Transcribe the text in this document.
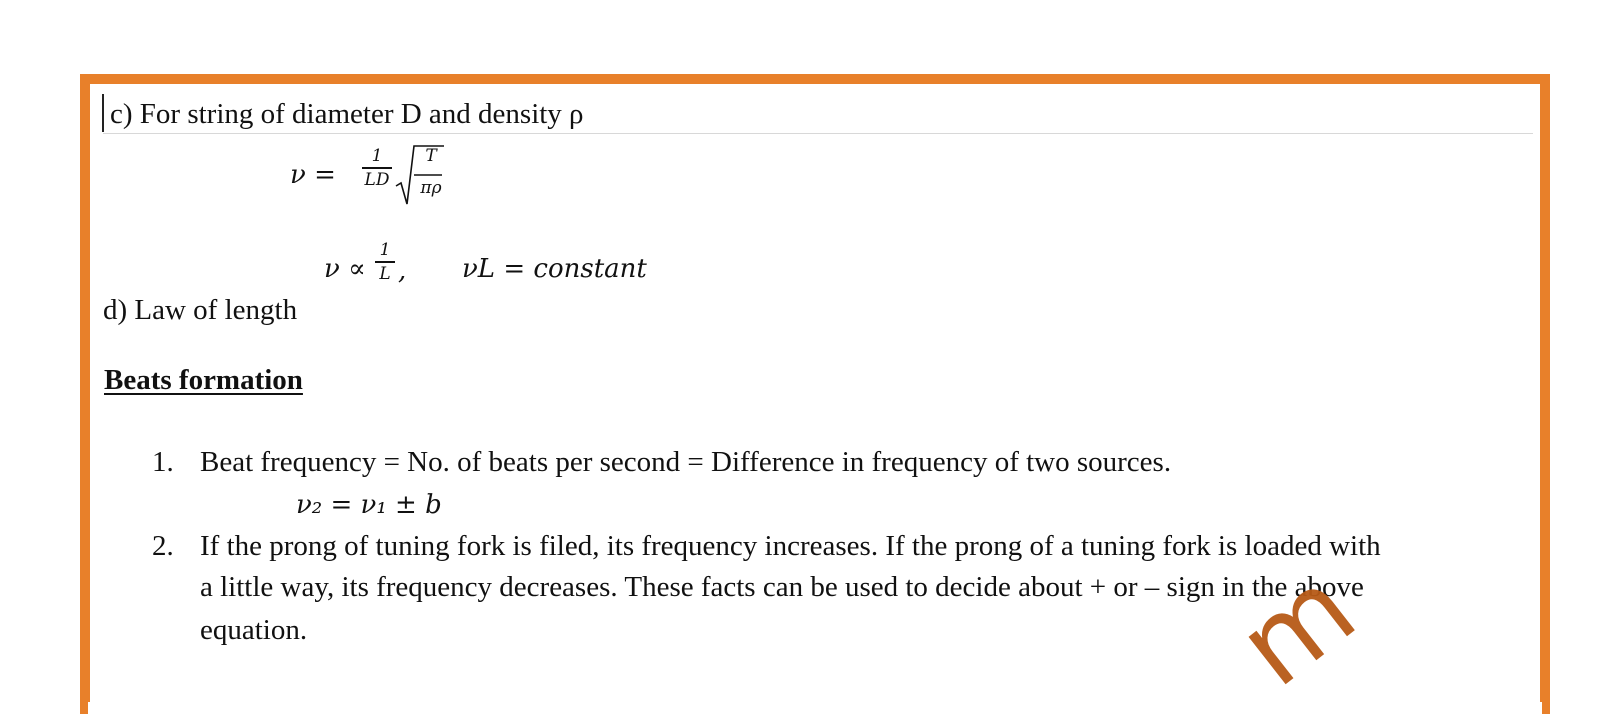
c) For string of diameter D and density ρ
ν =
1
LD
T
πρ
ν ∝
1
L , νL = constant
d) Law of length
Beats formation
1. Beat frequency = No. of beats per second = Difference in frequency of two sources.
ν₂ = ν₁ ± b
2. If the prong of tuning fork is filed, its frequency increases. If the prong of a tuning fork is loaded with
a little way, its frequency decreases. These facts can be used to decide about + or – sign in the above
equation.	m
